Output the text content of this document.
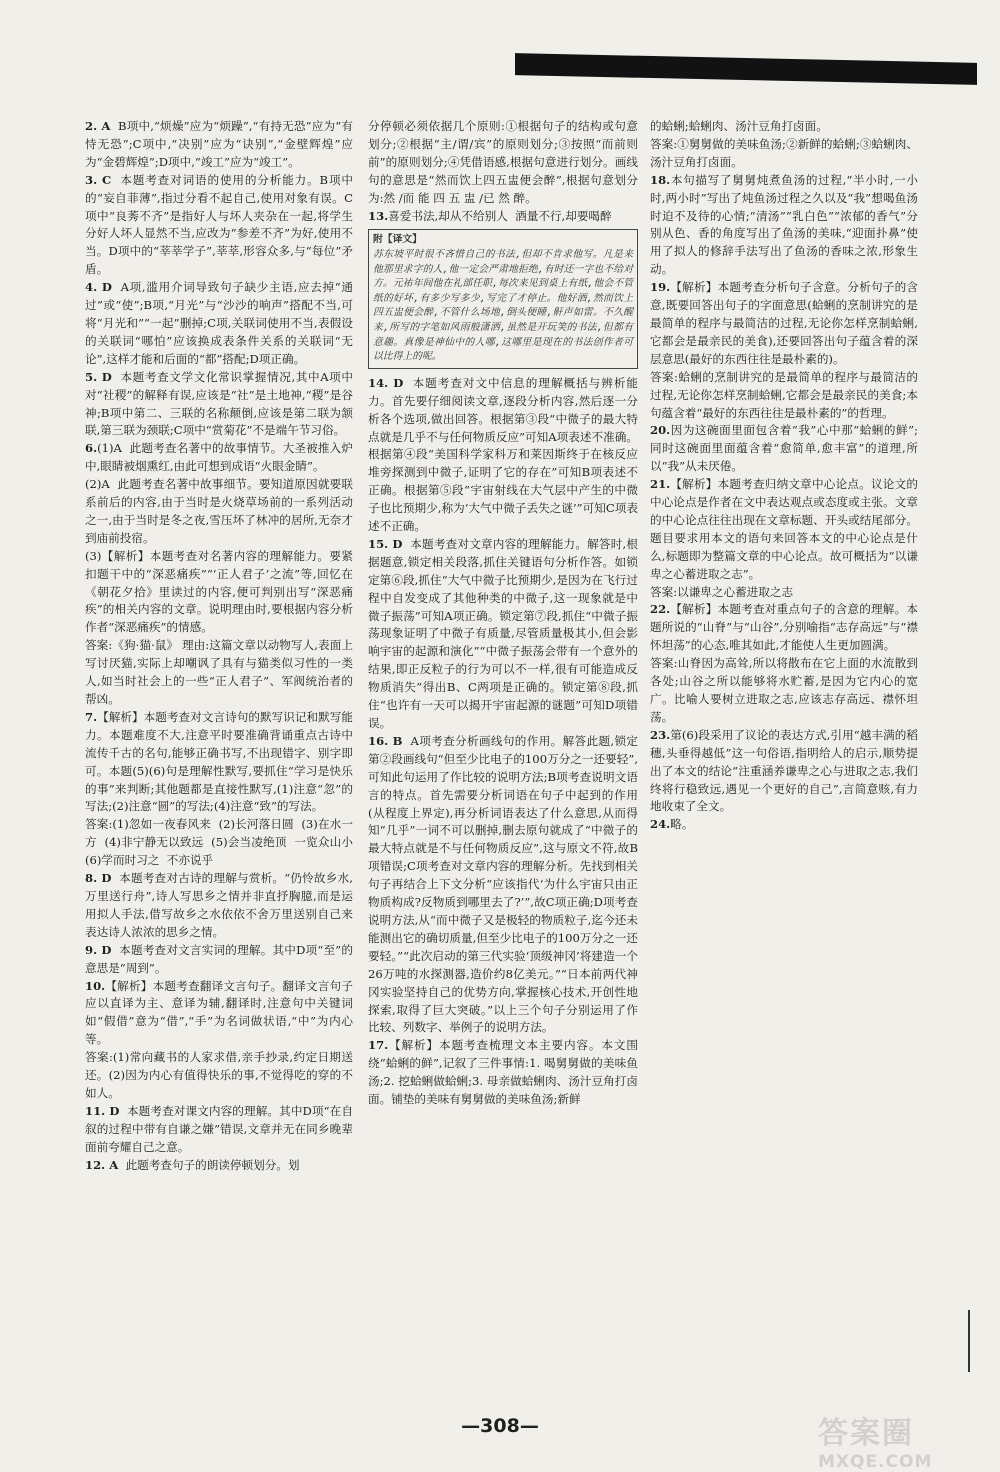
2. A  B项中,“烦燥”应为“烦躁”,“有持无恐”应为“有恃无恐”;C项中,“决别”应为“诀别”,“金壁辉煌”应为“金碧辉煌”;D项中,“竣工”应为“竣工”。

3. C  本题考查对词语的使用的分析能力。B项中的“妄自菲薄”,指过分看不起自己,使用对象有误。C项中“良莠不齐”是指好人与坏人夹杂在一起,将学生分好人坏人显然不当,应改为“参差不齐”为好,使用不当。D项中的“莘莘学子”,莘莘,形容众多,与“每位”矛盾。

4. D  A项,滥用介词导致句子缺少主语,应去掉“通过”或“使”;B项,“月光”与“沙沙的响声”搭配不当,可将“月光和”“一起”删掉;C项,关联词使用不当,表假设的关联词“哪怕”应该换成表条件关系的关联词“无论”,这样才能和后面的“都”搭配;D项正确。

5. D  本题考查文学文化常识掌握情况,其中A项中对“社稷”的解释有误,应该是“社”是土地神,“稷”是谷神;B项中第二、三联的名称颠倒,应该是第二联为颔联,第三联为颈联;C项中“赏菊花”不是端午节习俗。

6.(1)A  此题考查名著中的故事情节。大圣被推入炉中,眼睛被烟熏红,由此可想到成语“火眼金睛”。
(2)A  此题考查名著中故事细节。要知道原因就要联系前后的内容,由于当时是火烧草场前的一系列活动之一,由于当时是冬之夜,雪压坏了林冲的居所,无奈才到庙前投宿。
(3)【解析】本题考查对名著内容的理解能力。要紧扣题干中的“深恶痛疾”“‘正人君子’之流”等,回忆在《朝花夕拾》里读过的内容,便可判别出写“深恶痛疾”的相关内容的文章。说明理由时,要根据内容分析作者“深恶痛疾”的情感。
答案:《狗·猫·鼠》 理由:这篇文章以动物写人,表面上写讨厌猫,实际上却嘲讽了具有与猫类似习性的一类人,如当时社会上的一些“正人君子”、军阀统治者的帮凶。

7.【解析】本题考查对文言诗句的默写识记和默写能力。本题难度不大,注意平时要准确背诵重点古诗中流传千古的名句,能够正确书写,不出现错字、别字即可。本题(5)(6)句是理解性默写,要抓住“学习是快乐的事”来判断;其他题都是直接性默写,(1)注意“忽”的写法;(2)注意“圆”的写法;(4)注意“致”的写法。
答案:(1)忽如一夜春风来  (2)长河落日圆  (3)在水一方  (4)非宁静无以致远  (5)会当凌绝顶  一览众山小  (6)学而时习之  不亦说乎

8. D  本题考查对古诗的理解与赏析。“仍怜故乡水,万里送行舟”,诗人写思乡之情并非直抒胸臆,而是运用拟人手法,借写故乡之水依依不舍万里送别自己来表达诗人浓浓的思乡之情。

9. D  本题考查对文言实词的理解。其中D项“至”的意思是“周到”。

10.【解析】本题考查翻译文言句子。翻译文言句子应以直译为主、意译为辅,翻译时,注意句中关键词如“假借”意为“借”,“手”为名词做状语,“中”为内心等。
答案:(1)常向藏书的人家求借,亲手抄录,约定日期送还。(2)因为内心有值得快乐的事,不觉得吃的穿的不如人。

11. D  本题考查对课文内容的理解。其中D项“在自叙的过程中带有自谦之嫌”错误,文章并无在同乡晚辈面前夸耀自己之意。

12. A  此题考查句子的朗读停顿划分。划

分停顿必须依据几个原则:①根据句子的结构或句意划分;②根据“主/谓/宾”的原则划分;③按照“而前则前”的原则划分;④凭借语感,根据句意进行划分。画线句的意思是“然而饮上四五盅便会醉”,根据句意划分为:然 /而 能 四 五 盅 /已 然 醉。

13.喜爱书法,却从不给别人  酒量不行,却要喝醉

附【译文】
苏东坡平时很不吝惜自己的书法,但却不肯求他写。凡是来他那里求字的人,他一定会严肃地拒绝,有时还一字也不给对方。元祐年间他在礼部任职,每次来见到桌上有纸,他会不管纸的好坏,有多少写多少,写完了才停止。他好酒,然而饮上四五盅便会醉,不管什么场地,倒头便睡,鼾声如雷。不久醒来,所写的字笔如风雨般潇洒,虽然是开玩笑的书法,但都有意趣。真像是神仙中的人哪,这哪里是现在的书法创作者可以比得上的呢。

14. D  本题考查对文中信息的理解概括与辨析能力。首先要仔细阅读文章,逐段分析内容,然后逐一分析各个选项,做出回答。根据第③段“中微子的最大特点就是几乎不与任何物质反应”可知A项表述不准确。根据第④段“美国科学家科万和莱因斯终于在核反应堆旁探测到中微子,证明了它的存在”可知B项表述不正确。根据第⑤段“宇宙射线在大气层中产生的中微子也比预期少,称为‘大气中微子丢失之谜’”可知C项表述不正确。

15. D  本题考查对文章内容的理解能力。解答时,根据题意,锁定相关段落,抓住关键语句分析作答。如锁定第⑥段,抓住“大气中微子比预期少,是因为在飞行过程中自发变成了其他种类的中微子,这一现象就是中微子振荡”可知A项正确。锁定第⑦段,抓住“中微子振荡现象证明了中微子有质量,尽管质量极其小,但会影响宇宙的起源和演化”“中微子振荡会带有一个意外的结果,即正反粒子的行为可以不一样,很有可能造成反物质消失”得出B、C两项是正确的。锁定第⑧段,抓住“也许有一天可以揭开宇宙起源的谜题”可知D项错误。

16. B  A项考查分析画线句的作用。解答此题,锁定第②段画线句“但至少比电子的100万分之一还要轻”,可知此句运用了作比较的说明方法;B项考查说明文语言的特点。首先需要分析词语在句子中起到的作用(从程度上界定),再分析词语表达了什么意思,从而得知“几乎”一词不可以删掉,删去原句就成了“中微子的最大特点就是不与任何物质反应”,这与原文不符,故B项错误;C项考查对文章内容的理解分析。先找到相关句子再结合上下文分析“应该指代‘为什么宇宙只由正物质构成?反物质到哪里去了?’”,故C项正确;D项考查说明方法,从“而中微子又是极轻的物质粒子,迄今还未能测出它的确切质量,但至少比电子的100万分之一还要轻。”“此次启动的第三代实验‘顶级神冈’将建造一个26万吨的水探测器,造价约8亿美元。”“日本前两代神冈实验坚持自己的优势方向,掌握核心技术,开创性地探索,取得了巨大突破。”以上三个句子分别运用了作比较、列数字、举例子的说明方法。

17.【解析】本题考查梳理文本主要内容。本文围绕“蛤蜊的鲜”,记叙了三件事情:1. 喝舅舅做的美味鱼汤;2. 挖蛤蜊做蛤蜊;3. 母亲做蛤蜊肉、汤汁豆角打卤面。铺垫的美味有舅舅做的美味鱼汤;新鲜

的蛤蜊;蛤蜊肉、汤汁豆角打卤面。
答案:①舅舅做的美味鱼汤;②新鲜的蛤蜊;③蛤蜊肉、汤汁豆角打卤面。

18.本句描写了舅舅炖煮鱼汤的过程,“半小时,一小时,两小时”写出了炖鱼汤过程之久以及“我”想喝鱼汤时迫不及待的心情;“清汤”“乳白色”“浓郁的香气”分别从色、香的角度写出了鱼汤的美味,“迎面扑鼻”使用了拟人的修辞手法写出了鱼汤的香味之浓,形象生动。

19.【解析】本题考查分析句子含意。分析句子的含意,既要回答出句子的字面意思(蛤蜊的烹制讲究的是最简单的程序与最简洁的过程,无论你怎样烹制蛤蜊,它都会是最亲民的美食),还要回答出句子蕴含着的深层意思(最好的东西往往是最朴素的)。
答案:蛤蜊的烹制讲究的是最简单的程序与最简洁的过程,无论你怎样烹制蛤蜊,它都会是最亲民的美食;本句蕴含着“最好的东西往往是最朴素的”的哲理。

20.因为这碗面里面包含着“我”心中那“蛤蜊的鲜”;同时这碗面里面蕴含着“愈简单,愈丰富”的道理,所以“我”从未厌倦。

21.【解析】本题考查归纳文章中心论点。议论文的中心论点是作者在文中表达观点或态度或主张。文章的中心论点往往出现在文章标题、开头或结尾部分。题目要求用本文的语句来回答本文的中心论点是什么,标题即为整篇文章的中心论点。故可概括为“以谦卑之心蓄进取之志”。
答案:以谦卑之心蓄进取之志

22.【解析】本题考查对重点句子的含意的理解。本题所说的“山脊”与“山谷”,分别喻指“志存高远”与“襟怀坦荡”的心态,唯其如此,才能使人生更加圆满。
答案:山脊因为高耸,所以将散布在它上面的水流散到各处;山谷之所以能够将水贮蓄,是因为它内心的宽广。比喻人要树立进取之志,应该志存高远、襟怀坦荡。

23.第(6)段采用了议论的表达方式,引用“越丰满的稻穗,头垂得越低”这一句俗语,指明给人的启示,顺势提出了本文的结论“注重涵养谦卑之心与进取之志,我们终将行稳致远,遇见一个更好的自己”,言简意赅,有力地收束了全文。

24.略。

—308—	答案圈
MXQE.COM
